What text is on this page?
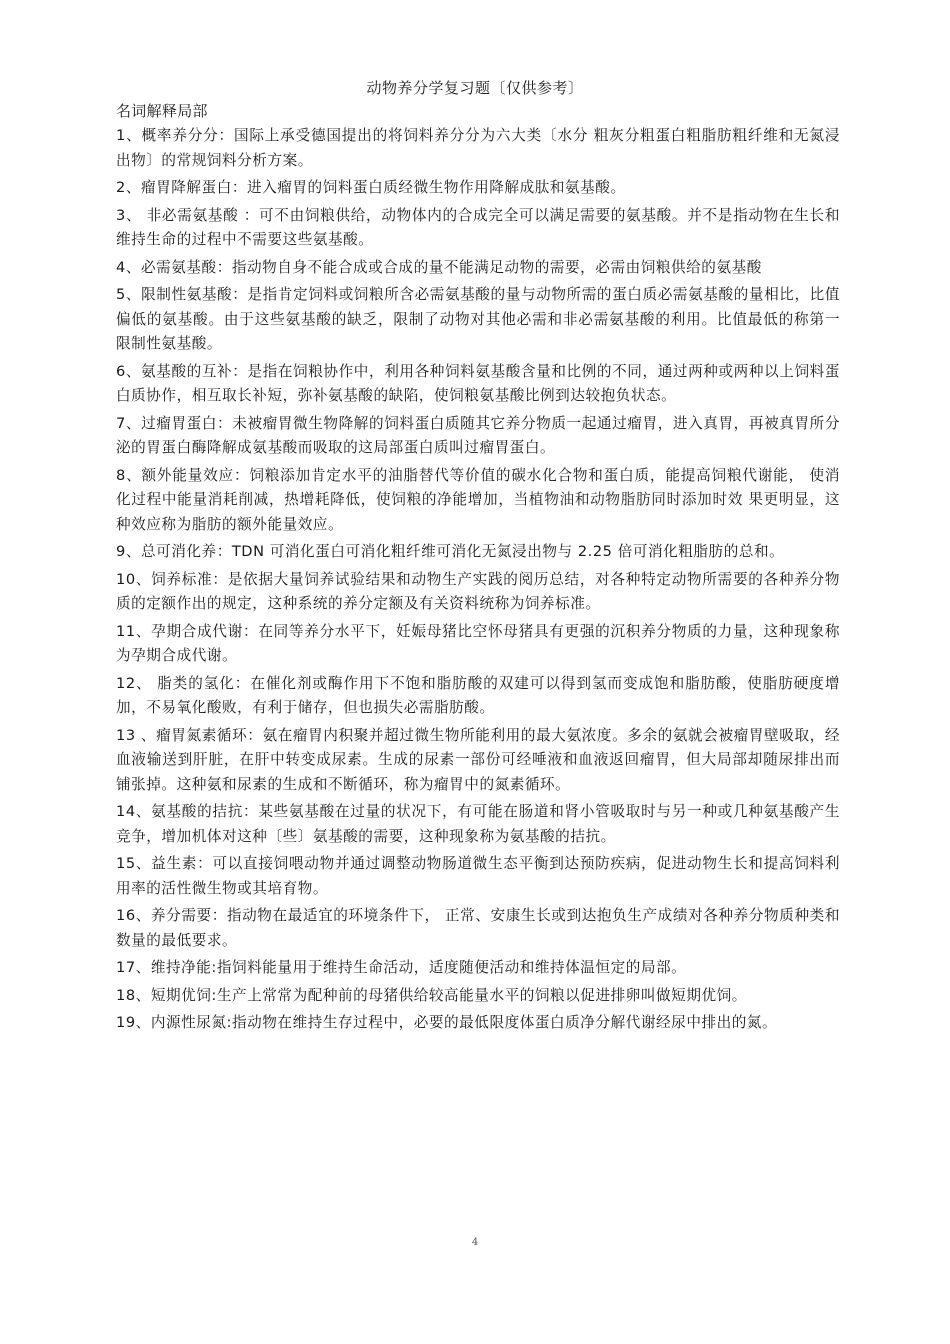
动物养分学复习题〔仅供参考〕
名词解释局部

1、概率养分分：国际上承受德国提出的将饲料养分分为六大类〔水分 粗灰分粗蛋白粗脂肪粗纤维和无氮浸出物〕的常规饲料分析方案。

2、瘤胃降解蛋白：进入瘤胃的饲料蛋白质经微生物作用降解成肽和氨基酸。

3、 非必需氨基酸 ：可不由饲粮供给，动物体内的合成完全可以满足需要的氨基酸。并不是指动物在生长和维持生命的过程中不需要这些氨基酸。

4、必需氨基酸：指动物自身不能合成或合成的量不能满足动物的需要，必需由饲粮供给的氨基酸

5、限制性氨基酸：是指肯定饲料或饲粮所含必需氨基酸的量与动物所需的蛋白质必需氨基酸的量相比，比值偏低的氨基酸。由于这些氨基酸的缺乏，限制了动物对其他必需和非必需氨基酸的利用。比值最低的称第一限制性氨基酸。

6、氨基酸的互补：是指在饲粮协作中，利用各种饲料氨基酸含量和比例的不同，通过两种或两种以上饲料蛋白质协作，相互取长补短，弥补氨基酸的缺陷，使饲粮氨基酸比例到达较抱负状态。

7、过瘤胃蛋白：未被瘤胃微生物降解的饲料蛋白质随其它养分物质一起通过瘤胃，进入真胃，再被真胃所分泌的胃蛋白酶降解成氨基酸而吸取的这局部蛋白质叫过瘤胃蛋白。

8、额外能量效应：饲粮添加肯定水平的油脂替代等价值的碳水化合物和蛋白质，能提高饲粮代谢能， 使消化过程中能量消耗削减，热增耗降低，使饲粮的净能增加，当植物油和动物脂肪同时添加时效 果更明显，这种效应称为脂肪的额外能量效应。

9、总可消化养：TDN 可消化蛋白可消化粗纤维可消化无氮浸出物与 2.25 倍可消化粗脂肪的总和。

10、饲养标准：是依据大量饲养试验结果和动物生产实践的阅历总结，对各种特定动物所需要的各种养分物质的定额作出的规定，这种系统的养分定额及有关资料统称为饲养标准。

11、孕期合成代谢：在同等养分水平下，妊娠母猪比空怀母猪具有更强的沉积养分物质的力量，这种现象称为孕期合成代谢。

12、 脂类的氢化：在催化剂或酶作用下不饱和脂肪酸的双建可以得到氢而变成饱和脂肪酸，使脂肪硬度增加，不易氧化酸败，有利于储存，但也损失必需脂肪酸。

13 、瘤胃氮素循环：氨在瘤胃内积聚并超过微生物所能利用的最大氨浓度。多余的氨就会被瘤胃壁吸取，经血液输送到肝脏，在肝中转变成尿素。生成的尿素一部份可经唾液和血液返回瘤胃，但大局部却随尿排出而铺张掉。这种氨和尿素的生成和不断循环，称为瘤胃中的氮素循环。

14、氨基酸的拮抗：某些氨基酸在过量的状况下，有可能在肠道和肾小管吸取时与另一种或几种氨基酸产生竞争，增加机体对这种〔些〕氨基酸的需要，这种现象称为氨基酸的拮抗。

15、益生素：可以直接饲喂动物并通过调整动物肠道微生态平衡到达预防疾病，促进动物生长和提高饲料利用率的活性微生物或其培育物。

16、养分需要：指动物在最适宜的环境条件下， 正常、安康生长或到达抱负生产成绩对各种养分物质种类和数量的最低要求。

17、维持净能:指饲料能量用于维持生命活动，适度随便活动和维持体温恒定的局部。

18、短期优饲:生产上常常为配种前的母猪供给较高能量水平的饲粮以促进排卵叫做短期优饲。

19、内源性尿氮:指动物在维持生存过程中，必要的最低限度体蛋白质净分解代谢经尿中排出的氮。

4
